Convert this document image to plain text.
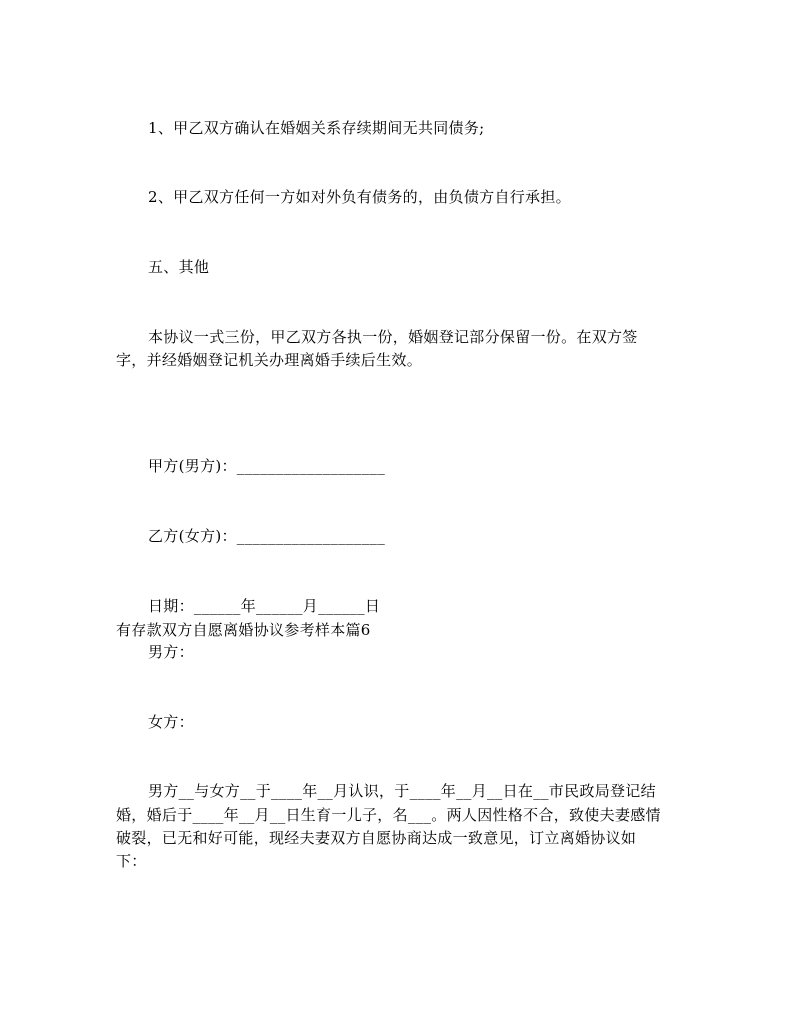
1、甲乙双方确认在婚姻关系存续期间无共同债务;
2、甲乙双方任何一方如对外负有债务的，由负债方自行承担。
五、其他
本协议一式三份，甲乙双方各执一份，婚姻登记部分保留一份。在双方签
字，并经婚姻登记机关办理离婚手续后生效。
甲方(男方)：___________________
乙方(女方)：___________________
日期：______年______月______日
有存款双方自愿离婚协议参考样本篇6
男方：
女方：
男方__与女方__于____年__月认识，于____年__月__日在__市民政局登记结
婚，婚后于____年__月__日生育一儿子，名___。两人因性格不合，致使夫妻感情
破裂，已无和好可能，现经夫妻双方自愿协商达成一致意见，订立离婚协议如
下：
